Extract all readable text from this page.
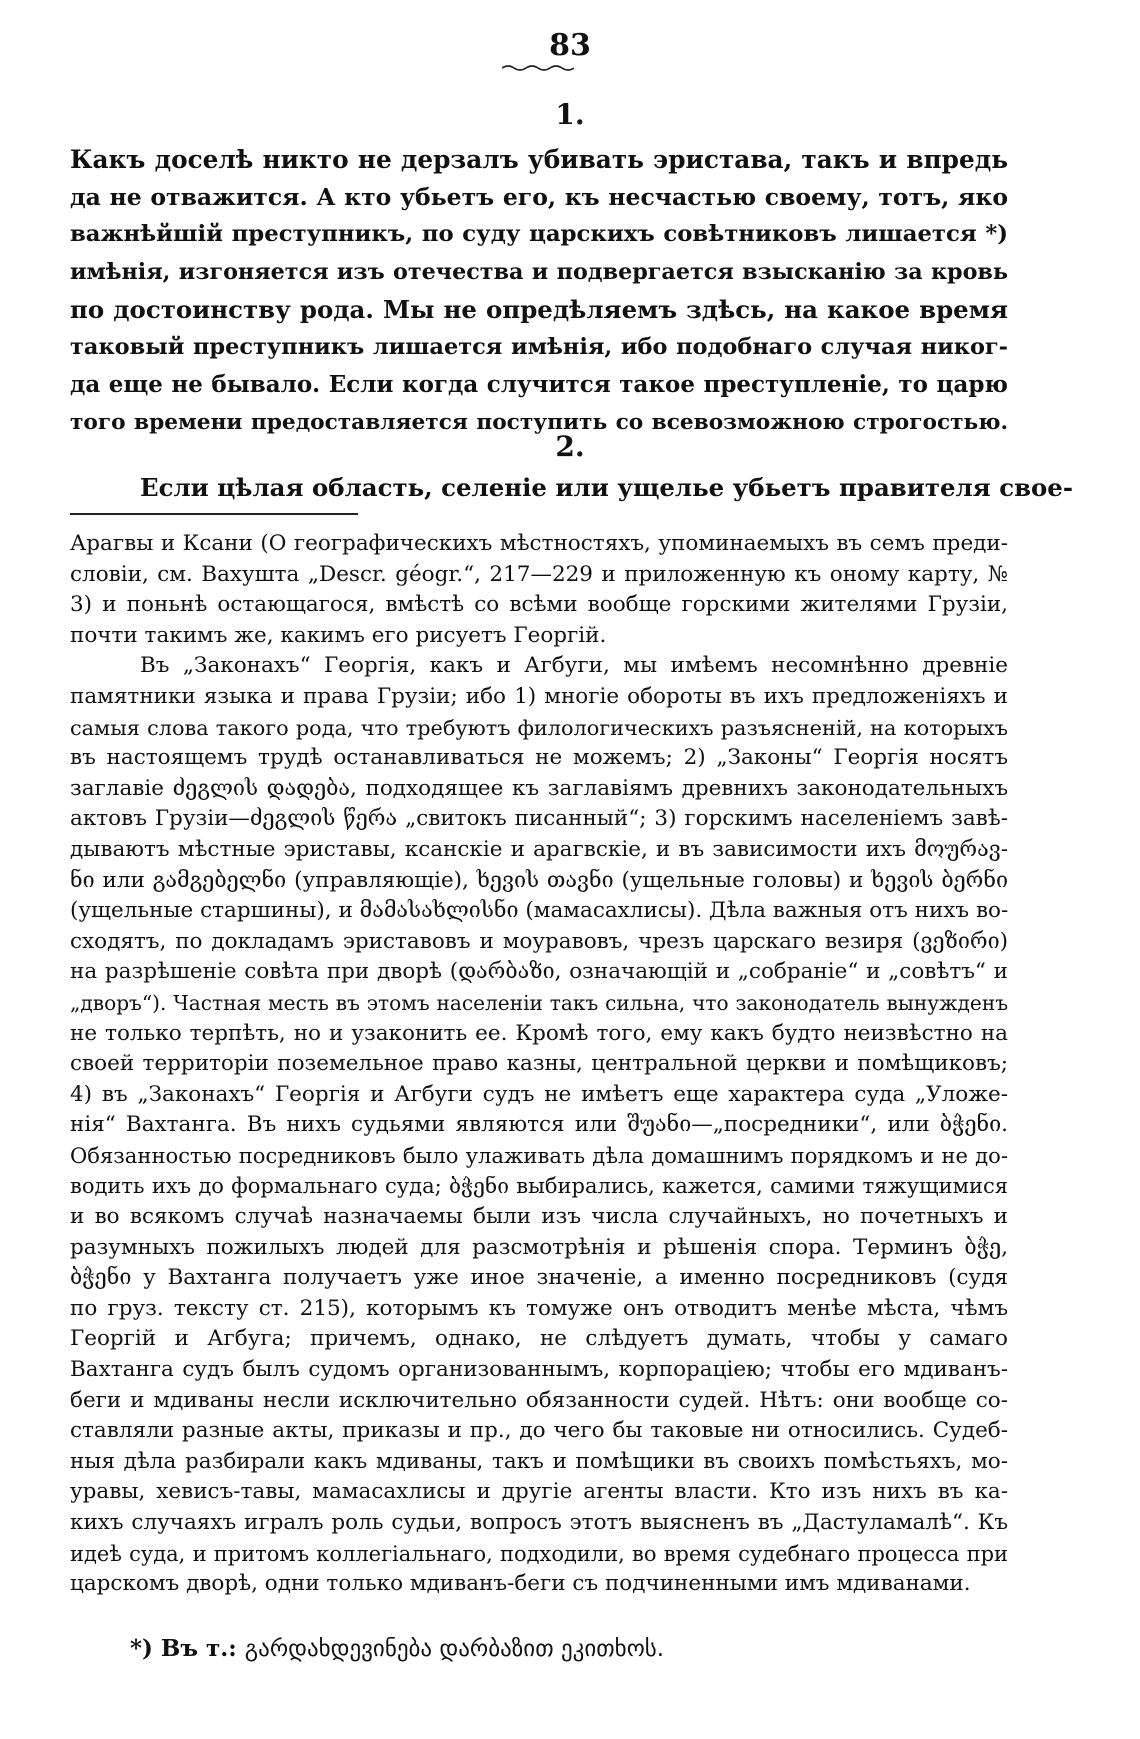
83
1.
Какъ доселѣ никто не дерзалъ убивать эристава, такъ и впредь
да не отважится. А кто убьетъ его, къ несчастью своему, тотъ, яко
важнѣйшій преступникъ, по суду царскихъ совѣтниковъ лишается *)
имѣнія, изгоняется изъ отечества и подвергается взысканію за кровь
по достоинству рода. Мы не опредѣляемъ здѣсь, на какое время
таковый преступникъ лишается имѣнія, ибо подобнаго случая никог-
да еще не бывало. Если когда случится такое преступленіе, то царю
того времени предоставляется поступить со всевозможною строгостью.
2.
Если цѣлая область, селеніе или ущелье убьетъ правителя свое-
Арагвы и Ксани (О географическихъ мѣстностяхъ, упоминаемыхъ въ семъ преди-
словіи, см. Вахушта „Descr. géogr.“, 217—229 и приложенную къ оному карту, №
3) и поньнѣ остающагося, вмѣстѣ со всѣми вообще горскими жителями Грузіи,
почти такимъ же, какимъ его рисуетъ Георгій.
Въ „Законахъ“ Георгія, какъ и Агбуги, мы имѣемъ несомнѣнно древніе
памятники языка и права Грузіи; ибо 1) многіе обороты въ ихъ предложеніяхъ и
самыя слова такого рода, что требуютъ филологическихъ разъясненій, на которыхъ
въ настоящемъ трудѣ останавливаться не можемъ; 2) „Законы“ Георгія носятъ
заглавіе ძეგლის დადება, подходящее къ заглавіямъ древнихъ законодательныхъ
актовъ Грузіи—ძეგლის წერა „свитокъ писанный“; 3) горскимъ населеніемъ завѣ-
дываютъ мѣстные эриставы, ксанскіе и арагвскіе, и въ зависимости ихъ მოურავ-
ნი или გამგებელნი (управляющіе), ხევის თავნი (ущельные головы) и ხევის ბერნი
(ущельные старшины), и მამასახლისნი (мамасахлисы). Дѣла важныя отъ нихъ во-
сходятъ, по докладамъ эриставовъ и моуравовъ, чрезъ царскаго везиря (ვეზირი)
на разрѣшеніе совѣта при дворѣ (დარბაზი, означающій и „собраніе“ и „совѣтъ“ и
„дворъ“). Частная месть въ этомъ населеніи такъ сильна, что законодатель вынужденъ
не только терпѣть, но и узаконить ее. Кромѣ того, ему какъ будто неизвѣстно на
своей территоріи поземельное право казны, центральной церкви и помѣщиковъ;
4) въ „Законахъ“ Георгія и Агбуги судъ не имѣетъ еще характера суда „Уложе-
нія“ Вахтанга. Въ нихъ судьями являются или შუანი—„посредники“, или ბჭენი.
Обязанностью посредниковъ было улаживать дѣла домашнимъ порядкомъ и не до-
водить ихъ до формальнаго суда; ბჭენი выбирались, кажется, самими тяжущимися
и во всякомъ случаѣ назначаемы были изъ числа случайныхъ, но почетныхъ и
разумныхъ пожилыхъ людей для разсмотрѣнія и рѣшенія спора. Терминъ ბჭე,
ბჭენი у Вахтанга получаетъ уже иное значеніе, а именно посредниковъ (судя
по груз. тексту ст. 215), которымъ къ томуже онъ отводитъ менѣе мѣста, чѣмъ
Георгій и Агбуга; причемъ, однако, не слѣдуетъ думать, чтобы у самаго
Вахтанга судъ былъ судомъ организованнымъ, корпораціею; чтобы его мдиванъ-
беги и мдиваны несли исключительно обязанности судей. Нѣтъ: они вообще со-
ставляли разные акты, приказы и пр., до чего бы таковые ни относились. Судеб-
ныя дѣла разбирали какъ мдиваны, такъ и помѣщики въ своихъ помѣстьяхъ, мо-
уравы, хевисъ-тавы, мамасахлисы и другіе агенты власти. Кто изъ нихъ въ ка-
кихъ случаяхъ игралъ роль судьи, вопросъ этотъ выясненъ въ „Дастуламалѣ“. Къ
идеѣ суда, и притомъ коллегіальнаго, подходили, во время судебнаго процесса при
царскомъ дворѣ, одни только мдиванъ-беги съ подчиненными имъ мдиванами.
*) Въ т.: გარდახდევინება დარბაზით ეკითხოს.
